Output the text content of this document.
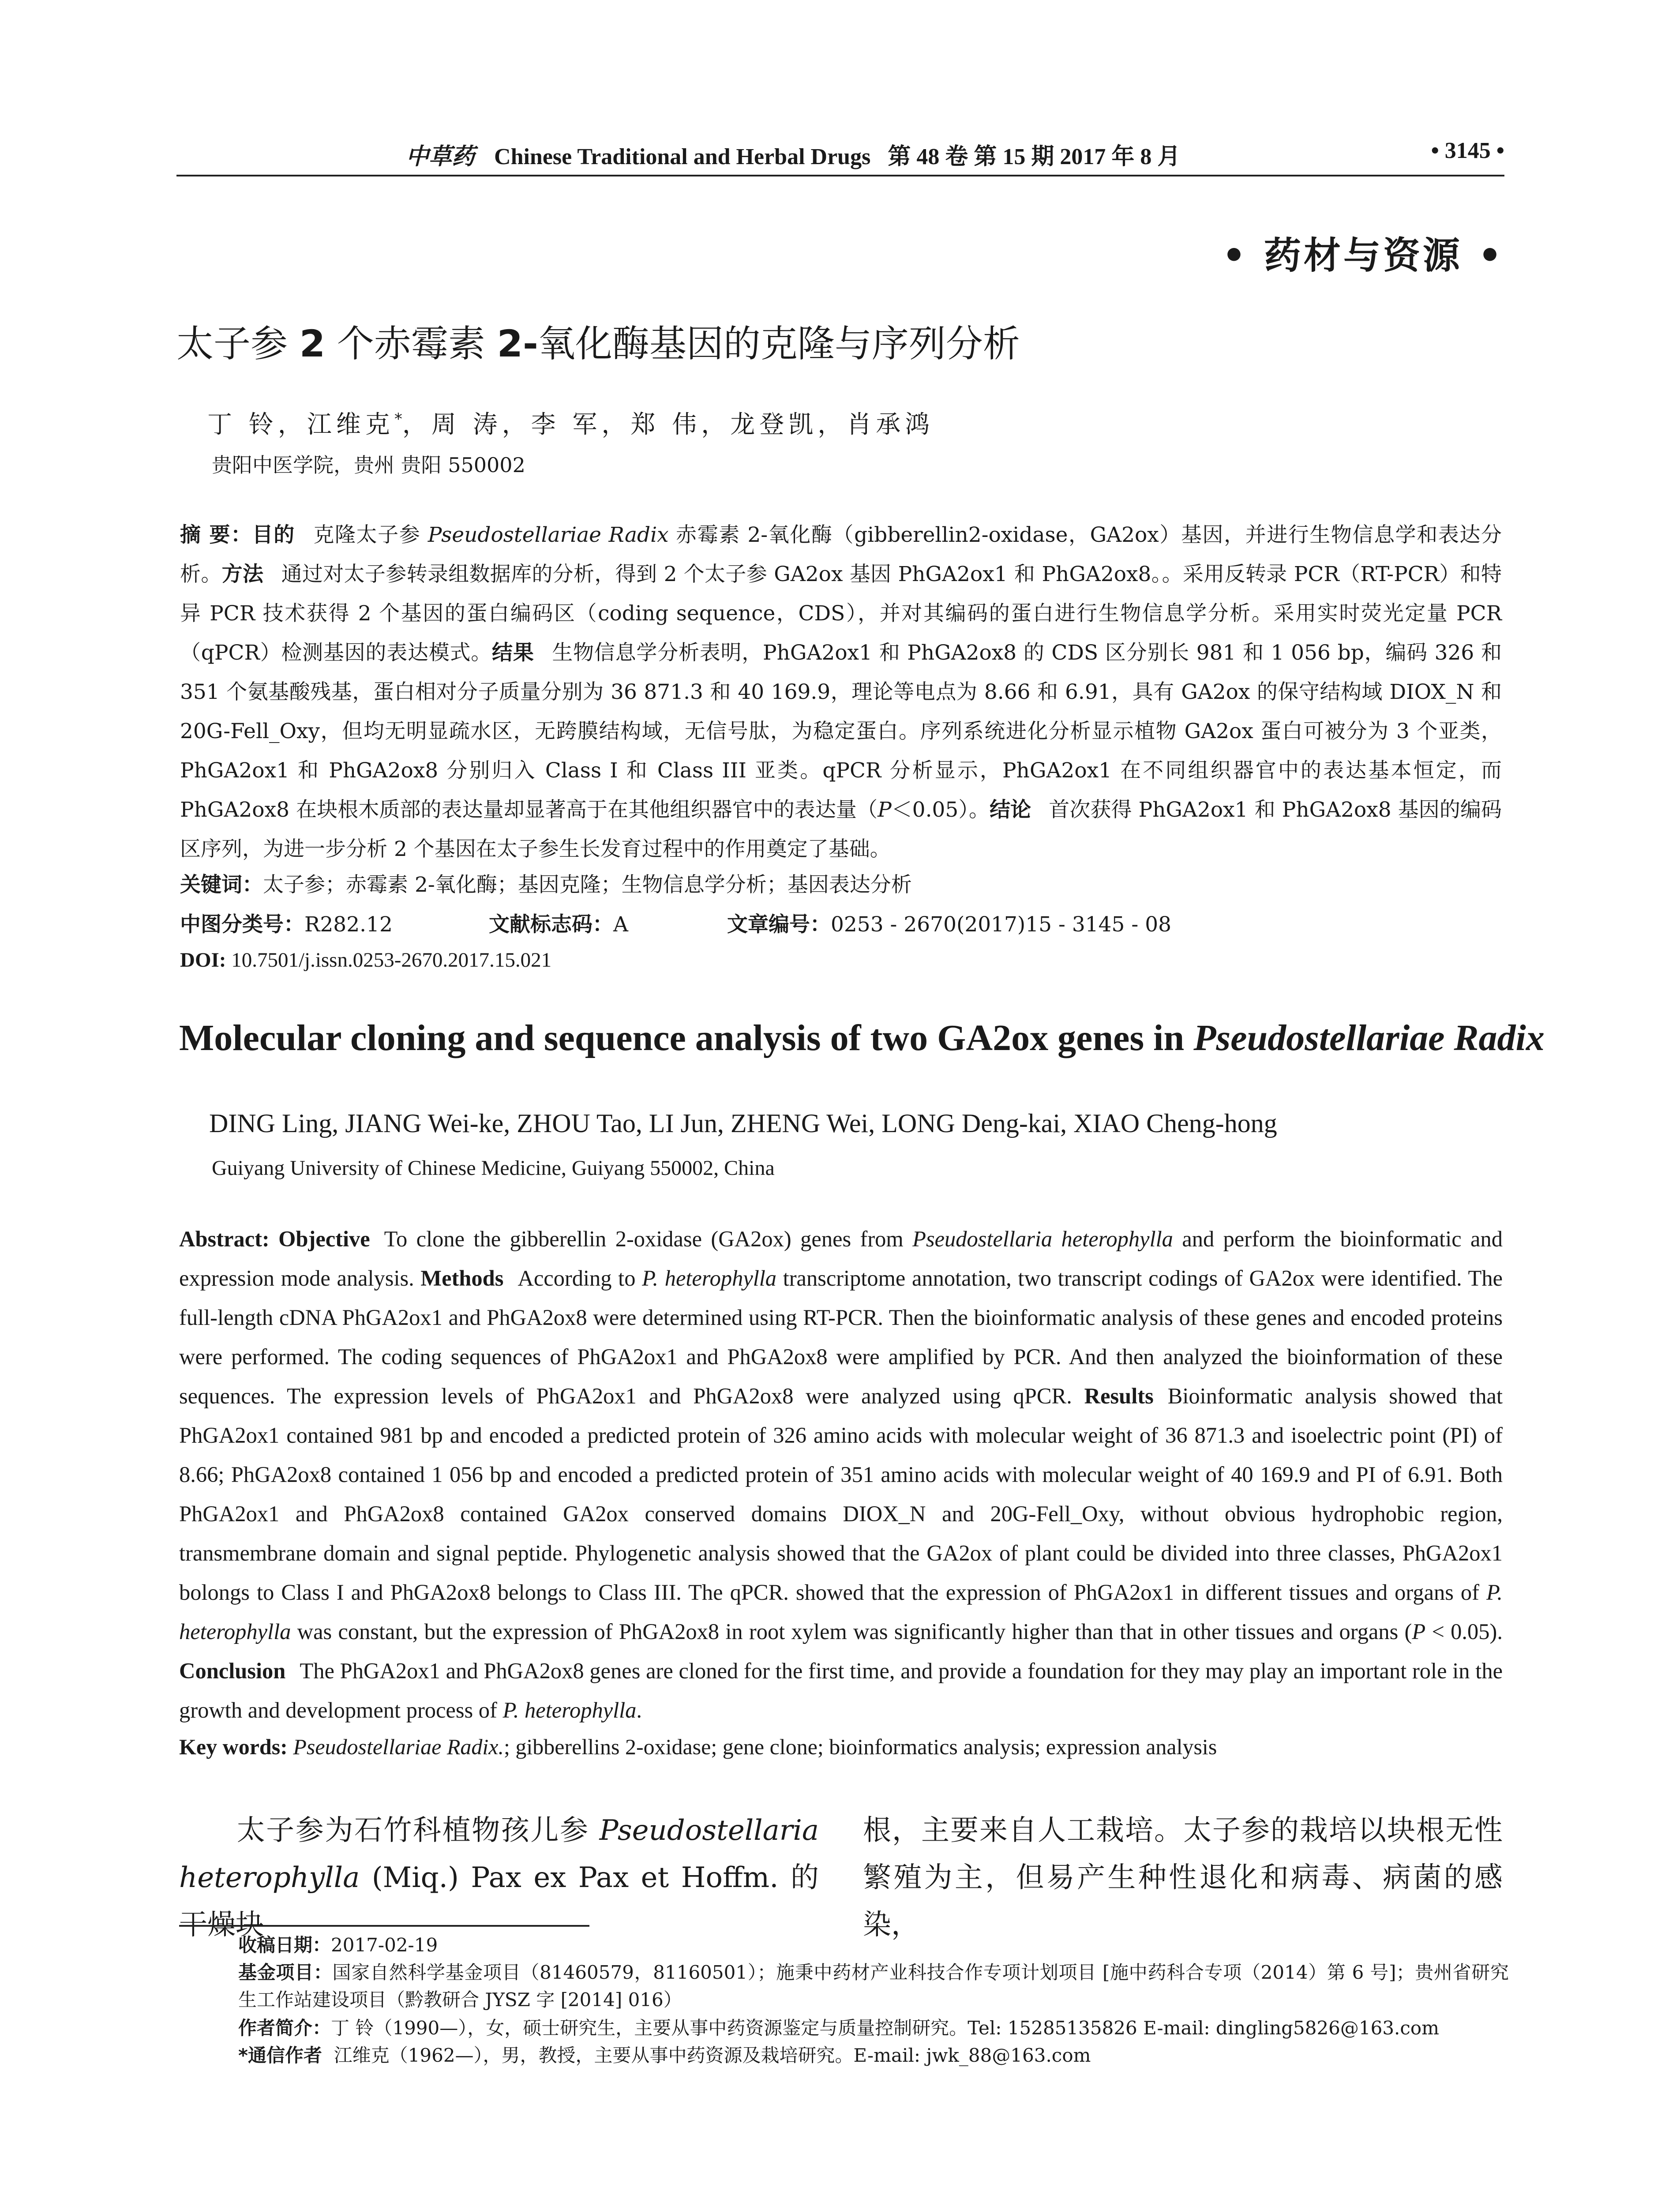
中草药 Chinese Traditional and Herbal Drugs 第 48 卷 第 15 期 2017 年 8 月	• 3145 •
• 药材与资源 •
太子参 2 个赤霉素 2-氧化酶基因的克隆与序列分析
丁 铃，江维克*，周 涛，李 军，郑 伟，龙登凯，肖承鸿
贵阳中医学院，贵州 贵阳 550002
摘 要：目的 克隆太子参 Pseudostellariae Radix 赤霉素 2-氧化酶（gibberellin2-oxidase，GA2ox）基因，并进行生物信息学和表达分析。方法 通过对太子参转录组数据库的分析，得到 2 个太子参 GA2ox 基因 PhGA2ox1 和 PhGA2ox8。。采用反转录 PCR（RT-PCR）和特异 PCR 技术获得 2 个基因的蛋白编码区（coding sequence，CDS），并对其编码的蛋白进行生物信息学分析。采用实时荧光定量 PCR（qPCR）检测基因的表达模式。结果 生物信息学分析表明，PhGA2ox1 和 PhGA2ox8 的 CDS 区分别长 981 和 1 056 bp，编码 326 和 351 个氨基酸残基，蛋白相对分子质量分别为 36 871.3 和 40 169.9，理论等电点为 8.66 和 6.91，具有 GA2ox 的保守结构域 DIOX_N 和 20G-Fell_Oxy，但均无明显疏水区，无跨膜结构域，无信号肽，为稳定蛋白。序列系统进化分析显示植物 GA2ox 蛋白可被分为 3 个亚类，PhGA2ox1 和 PhGA2ox8 分别归入 Class I 和 Class III 亚类。qPCR 分析显示，PhGA2ox1 在不同组织器官中的表达基本恒定，而 PhGA2ox8 在块根木质部的表达量却显著高于在其他组织器官中的表达量（P＜0.05）。结论 首次获得 PhGA2ox1 和 PhGA2ox8 基因的编码区序列，为进一步分析 2 个基因在太子参生长发育过程中的作用奠定了基础。
关键词：太子参；赤霉素 2-氧化酶；基因克隆；生物信息学分析；基因表达分析
中图分类号：R282.12	文献标志码：A	文章编号：0253 - 2670(2017)15 - 3145 - 08
DOI: 10.7501/j.issn.0253-2670.2017.15.021
Molecular cloning and sequence analysis of two GA2ox genes in Pseudostellariae Radix
DING Ling, JIANG Wei-ke, ZHOU Tao, LI Jun, ZHENG Wei, LONG Deng-kai, XIAO Cheng-hong
Guiyang University of Chinese Medicine, Guiyang 550002, China
Abstract: Objective To clone the gibberellin 2-oxidase (GA2ox) genes from Pseudostellaria heterophylla and perform the bioinformatic and expression mode analysis. Methods According to P. heterophylla transcriptome annotation, two transcript codings of GA2ox were identified. The full-length cDNA PhGA2ox1 and PhGA2ox8 were determined using RT-PCR. Then the bioinformatic analysis of these genes and encoded proteins were performed. The coding sequences of PhGA2ox1 and PhGA2ox8 were amplified by PCR. And then analyzed the bioinformation of these sequences. The expression levels of PhGA2ox1 and PhGA2ox8 were analyzed using qPCR. Results Bioinformatic analysis showed that PhGA2ox1 contained 981 bp and encoded a predicted protein of 326 amino acids with molecular weight of 36 871.3 and isoelectric point (PI) of 8.66; PhGA2ox8 contained 1 056 bp and encoded a predicted protein of 351 amino acids with molecular weight of 40 169.9 and PI of 6.91. Both PhGA2ox1 and PhGA2ox8 contained GA2ox conserved domains DIOX_N and 20G-Fell_Oxy, without obvious hydrophobic region, transmembrane domain and signal peptide. Phylogenetic analysis showed that the GA2ox of plant could be divided into three classes, PhGA2ox1 bolongs to Class I and PhGA2ox8 belongs to Class III. The qPCR. showed that the expression of PhGA2ox1 in different tissues and organs of P. heterophylla was constant, but the expression of PhGA2ox8 in root xylem was significantly higher than that in other tissues and organs (P < 0.05). Conclusion The PhGA2ox1 and PhGA2ox8 genes are cloned for the first time, and provide a foundation for they may play an important role in the growth and development process of P. heterophylla.
Key words: Pseudostellariae Radix.; gibberellins 2-oxidase; gene clone; bioinformatics analysis; expression analysis
太子参为石竹科植物孩儿参 Pseudostellaria heterophylla (Miq.) Pax ex Pax et Hoffm. 的干燥块
根，主要来自人工栽培。太子参的栽培以块根无性繁殖为主，但易产生种性退化和病毒、病菌的感染，
收稿日期：2017-02-19
基金项目：国家自然科学基金项目（81460579，81160501）；施秉中药材产业科技合作专项计划项目 [施中药科合专项（2014）第 6 号]；贵州省研究生工作站建设项目（黔教研合 JYSZ 字 [2014] 016）
作者简介：丁 铃（1990—），女，硕士研究生，主要从事中药资源鉴定与质量控制研究。Tel: 15285135826 E-mail: dingling5826@163.com
*通信作者 江维克（1962—），男，教授，主要从事中药资源及栽培研究。E-mail: jwk_88@163.com
